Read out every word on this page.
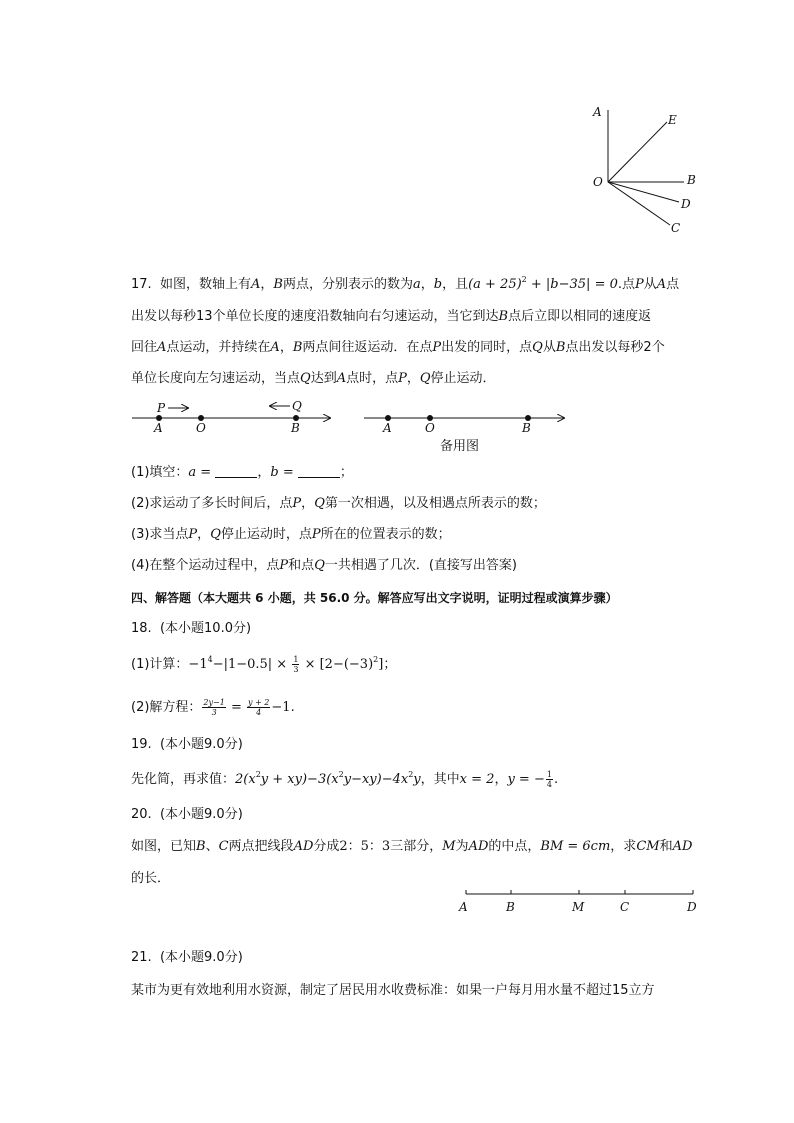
A
E
O	B
D
C
17. 如图，数轴上有A，B两点，分别表示的数为a，b，且$(a + 25)^2 + |b-35| = 0$.点P从A点
出发以每秒13个单位长度的速度沿数轴向右匀速运动，当它到达B点后立即以相同的速度返
回往A点运动，并持续在A，B两点间往返运动．在点P出发的同时，点Q从B点出发以每秒2个
单位长度向左匀速运动，当点Q达到A点时，点P，Q停止运动．
P	Q
A	O	B	A	O	B
备用图
(1)填空：a =	，b =	；
(2)求运动了多长时间后，点P，Q第一次相遇，以及相遇点所表示的数；
(3)求当点P，Q停止运动时，点P所在的位置表示的数；
(4)在整个运动过程中，点P和点Q一共相遇了几次．(直接写出答案)
四、解答题（本大题共 6 小题，共 56.0 分。解答应写出文字说明，证明过程或演算步骤）
18. (本小题10.0分)
(1)计算：$-1^4-|1-0.5| \times \frac{1}{3} \times [2-(-3)^2]$；
(2)解方程： $\frac{2y-1}{3} = \frac{y + 2}{4} -1$.
19. (本小题9.0分)
先化简，再求值：$2(x^2y + xy)-3(x^2y-xy)-4x^2y$，其中x = 2，y = − $\frac{1}{4}$ .
20. (本小题9.0分)
如图，已知B、C两点把线段AD分成2：5：3三部分，M为AD的中点，BM = 6cm，求CM和AD
的长．
A	B	M	C	D
21. (本小题9.0分)
某市为更有效地利用水资源，制定了居民用水收费标准：如果一户每月用水量不超过15立方
